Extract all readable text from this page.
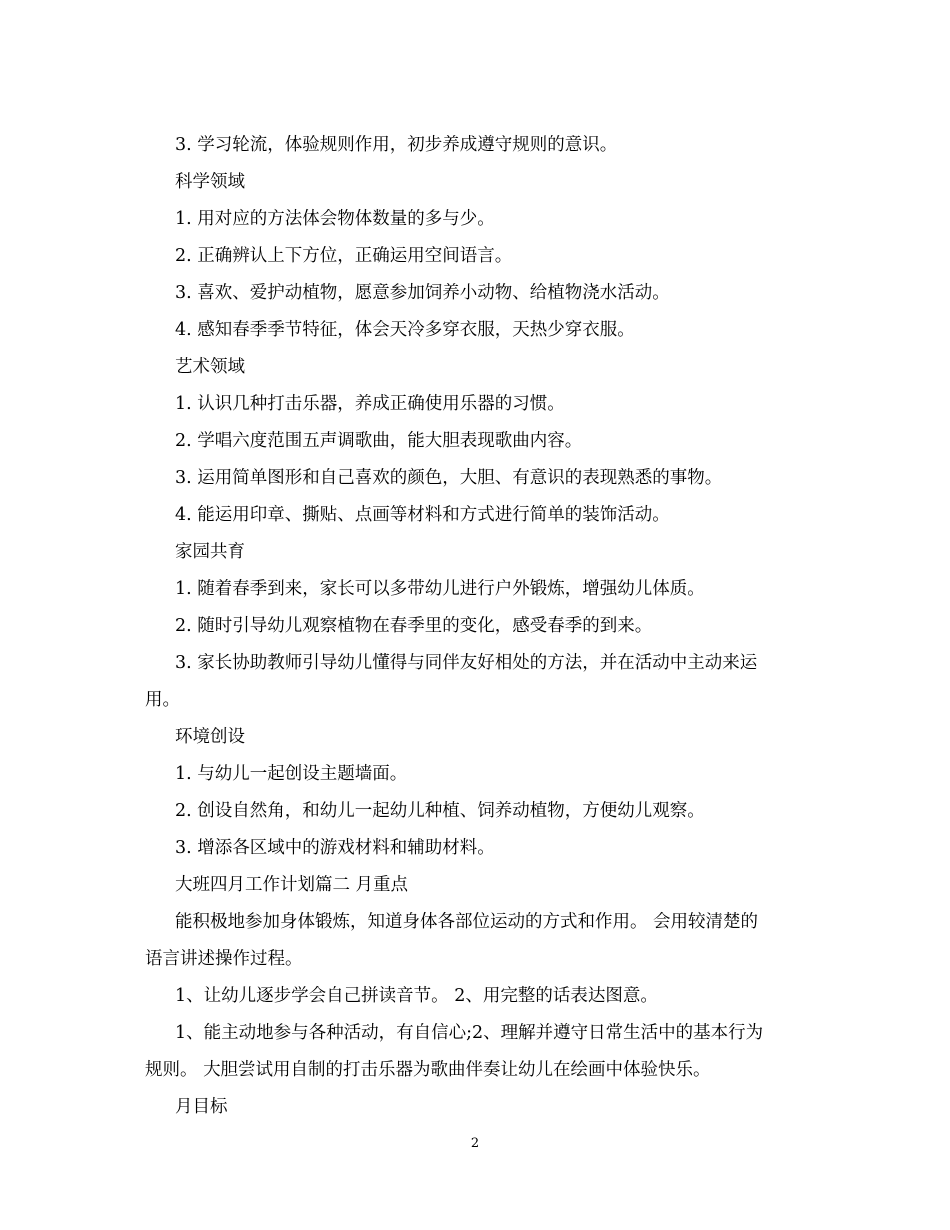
3. 学习轮流，体验规则作用，初步养成遵守规则的意识。
科学领域
1. 用对应的方法体会物体数量的多与少。
2. 正确辨认上下方位，正确运用空间语言。
3. 喜欢、爱护动植物，愿意参加饲养小动物、给植物浇水活动。
4. 感知春季季节特征，体会天冷多穿衣服，天热少穿衣服。
艺术领域
1. 认识几种打击乐器，养成正确使用乐器的习惯。
2. 学唱六度范围五声调歌曲，能大胆表现歌曲内容。
3. 运用简单图形和自己喜欢的颜色，大胆、有意识的表现熟悉的事物。
4. 能运用印章、撕贴、点画等材料和方式进行简单的装饰活动。
家园共育
1. 随着春季到来，家长可以多带幼儿进行户外锻炼，增强幼儿体质。
2. 随时引导幼儿观察植物在春季里的变化，感受春季的到来。
3. 家长协助教师引导幼儿懂得与同伴友好相处的方法，并在活动中主动来运
用。
环境创设
1. 与幼儿一起创设主题墙面。
2. 创设自然角，和幼儿一起幼儿种植、饲养动植物，方便幼儿观察。
3. 增添各区域中的游戏材料和辅助材料。
大班四月工作计划篇二 月重点
能积极地参加身体锻炼，知道身体各部位运动的方式和作用。 会用较清楚的
语言讲述操作过程。
1、让幼儿逐步学会自己拼读音节。 2、用完整的话表达图意。
1、能主动地参与各种活动，有自信心;2、理解并遵守日常生活中的基本行为
规则。 大胆尝试用自制的打击乐器为歌曲伴奏让幼儿在绘画中体验快乐。
月目标
2
